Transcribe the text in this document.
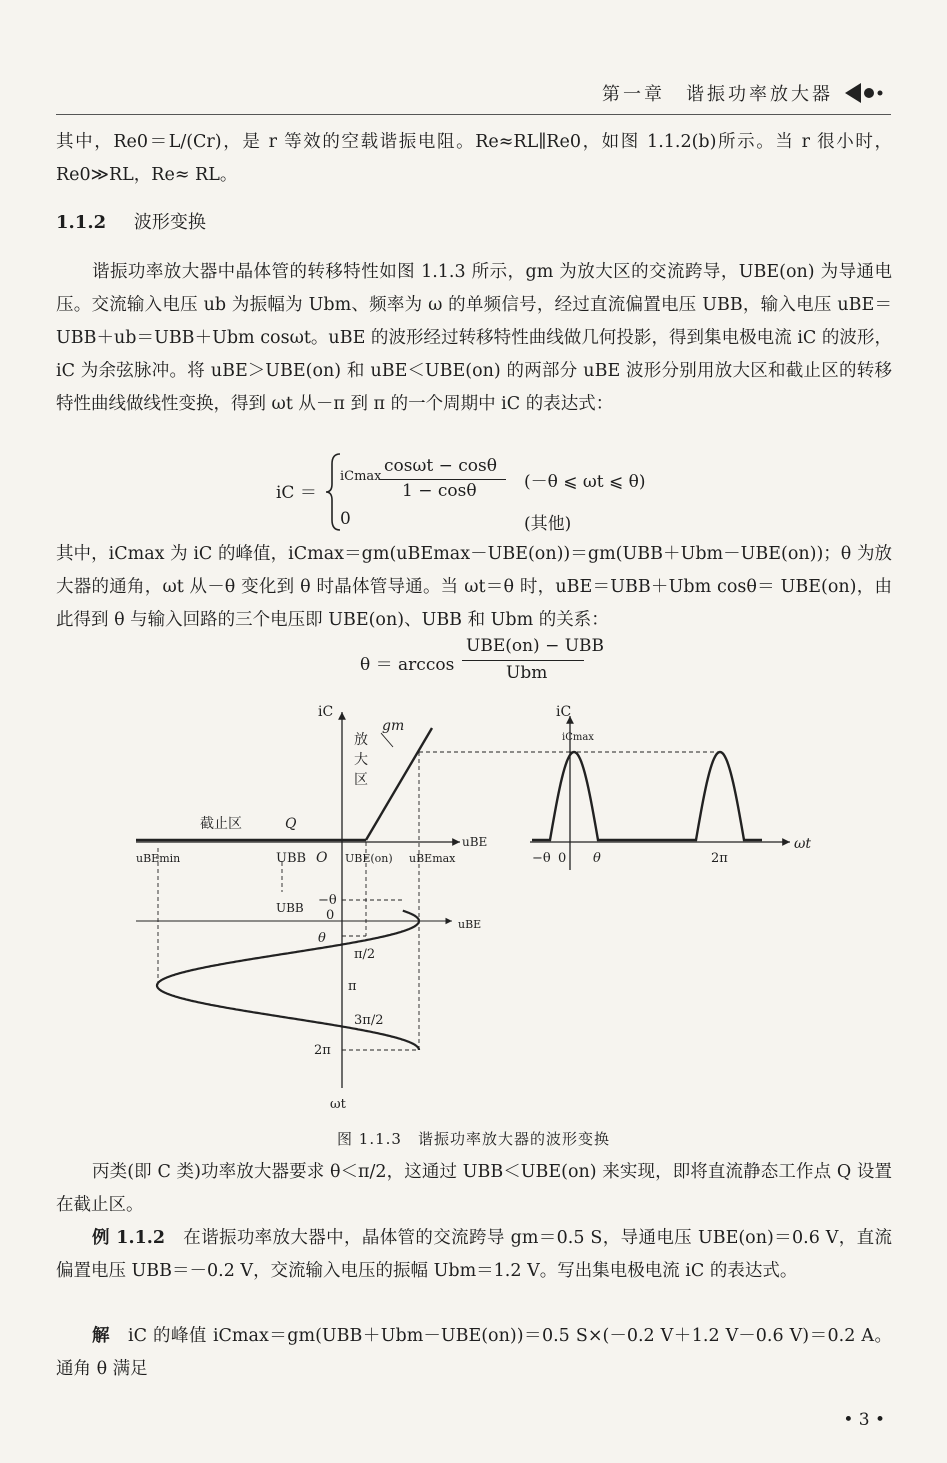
第一章　谐振功率放大器

其中，Re0＝L/(Cr)，是 r 等效的空载谐振电阻。Re≈RL∥Re0，如图 1.1.2(b)所示。当 r 很小时，Re0≫RL，Re≈ RL。

1.1.2 波形变换

谐振功率放大器中晶体管的转移特性如图 1.1.3 所示，gm 为放大区的交流跨导，UBE(on) 为导通电压。交流输入电压 ub 为振幅为 Ubm、频率为 ω 的单频信号，经过直流偏置电压 UBB，输入电压 uBE＝UBB＋ub＝UBB＋Ubm cosωt。uBE 的波形经过转移特性曲线做几何投影，得到集电极电流 iC 的波形，iC 为余弦脉冲。将 uBE＞UBE(on) 和 uBE＜UBE(on) 的两部分 uBE 波形分别用放大区和截止区的转移特性曲线做线性变换，得到 ωt 从－π 到 π 的一个周期中 iC 的表达式：

iC ＝
iCmax
cosωt − cosθ
1 − cosθ	(－θ ⩽ ωt ⩽ θ)
0	(其他)

其中，iCmax 为 iC 的峰值，iCmax＝gm(uBEmax－UBE(on))＝gm(UBB＋Ubm－UBE(on))；θ 为放大器的通角，ωt 从－θ 变化到 θ 时晶体管导通。当 ωt＝θ 时，uBE＝UBB＋Ubm cosθ＝ UBE(on)，由此得到 θ 与输入回路的三个电压即 UBE(on)、UBB 和 Ubm 的关系：

θ ＝ arccos
UBE(on) − UBB
Ubm
iC
放
大
区
gm
截止区	Q
uBE
uBEmin	UBB O UBE(on) uBEmax
UBB −θ
0
θ
uBE
π/2
π
3π/2
2π
ωt
iC
iCmax
ωt
−θ 0 θ	2π
图 1.1.3　谐振功率放大器的波形变换

丙类(即 C 类)功率放大器要求 θ＜π/2，这通过 UBB＜UBE(on) 来实现，即将直流静态工作点 Q 设置在截止区。

例 1.1.2　 在谐振功率放大器中，晶体管的交流跨导 gm＝0.5 S，导通电压 UBE(on)＝0.6 V，直流偏置电压 UBB＝－0.2 V，交流输入电压的振幅 Ubm＝1.2 V。写出集电极电流 iC 的表达式。

解　 iC 的峰值 iCmax＝gm(UBB＋Ubm－UBE(on))＝0.5 S×(－0.2 V＋1.2 V－0.6 V)＝0.2 A。通角 θ 满足

• 3 •
